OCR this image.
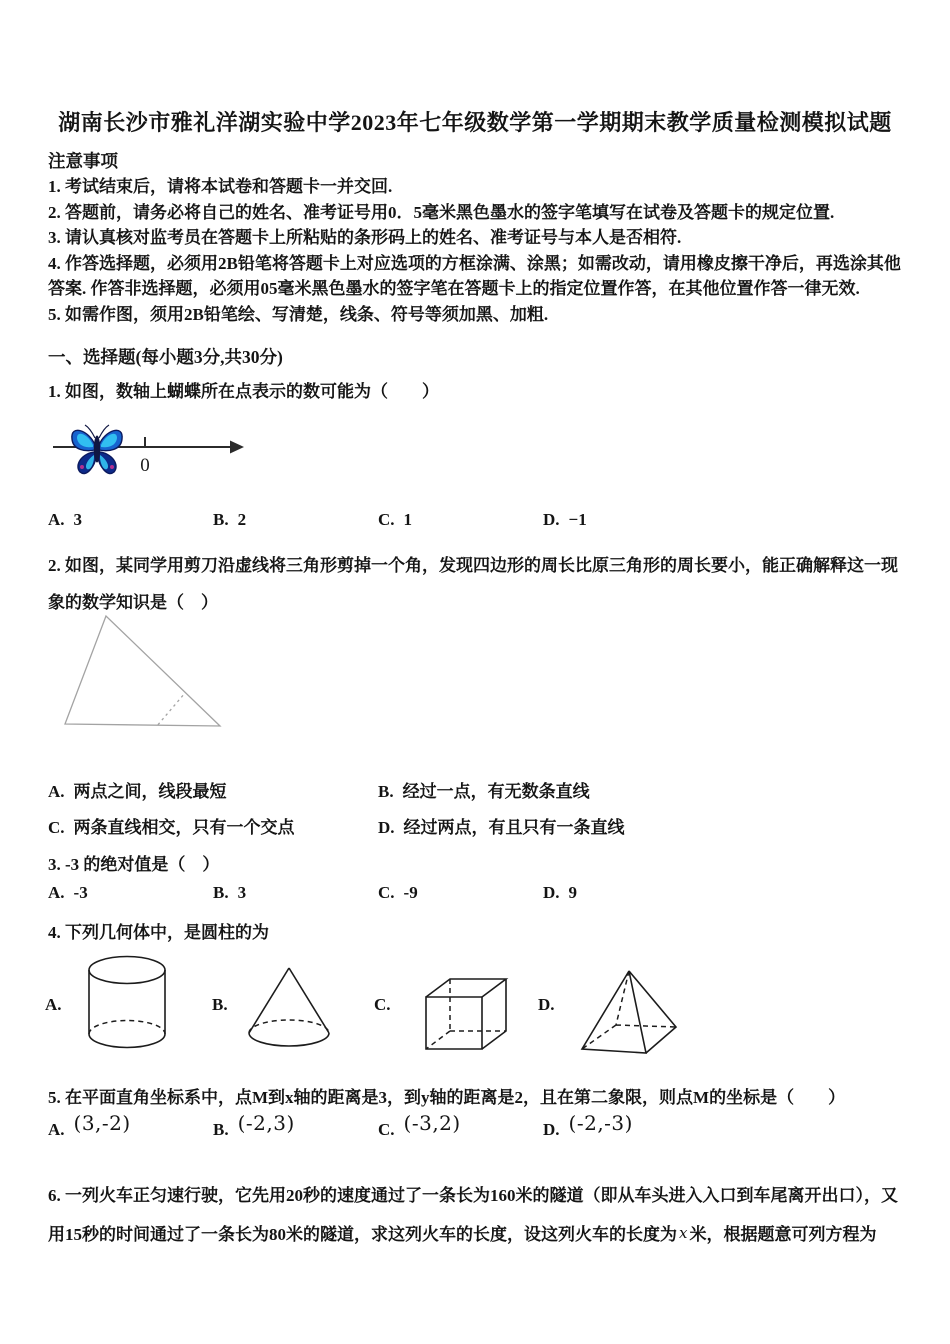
湖南长沙市雅礼洋湖实验中学2023年七年级数学第一学期期末教学质量检测模拟试题
注意事项
1. 考试结束后，请将本试卷和答题卡一并交回.
2. 答题前，请务必将自己的姓名、准考证号用0．5毫米黑色墨水的签字笔填写在试卷及答题卡的规定位置.
3. 请认真核对监考员在答题卡上所粘贴的条形码上的姓名、准考证号与本人是否相符.
4. 作答选择题，必须用2B铅笔将答题卡上对应选项的方框涂满、涂黑；如需改动，请用橡皮擦干净后，再选涂其他答案. 作答非选择题，必须用05毫米黑色墨水的签字笔在答题卡上的指定位置作答，在其他位置作答一律无效.
5. 如需作图，须用2B铅笔绘、写清楚，线条、符号等须加黑、加粗.
一、选择题(每小题3分,共30分)
1. 如图，数轴上蝴蝶所在点表示的数可能为（　　）
0
A. 3	B. 2	C. 1	D. −1
2. 如图，某同学用剪刀沿虚线将三角形剪掉一个角，发现四边形的周长比原三角形的周长要小，能正确解释这一现象的数学知识是（　）
A. 两点之间，线段最短	B. 经过一点，有无数条直线
C. 两条直线相交，只有一个交点	D. 经过两点，有且只有一条直线
3. -3 的绝对值是（　）
A. -3	B. 3	C. -9	D. 9
4. 下列几何体中，是圆柱的为
A.	B.	C.	D.
5. 在平面直角坐标系中，点M到x轴的距离是3，到y轴的距离是2，且在第二象限，则点M的坐标是（　　）
A. (3,-2)	B. (-2,3)	C. (-3,2)	D. (-2,-3)
6. 一列火车正匀速行驶，它先用20秒的速度通过了一条长为160米的隧道（即从车头进入入口到车尾离开出口），又用15秒的时间通过了一条长为80米的隧道，求这列火车的长度，设这列火车的长度为 x 米，根据题意可列方程为
